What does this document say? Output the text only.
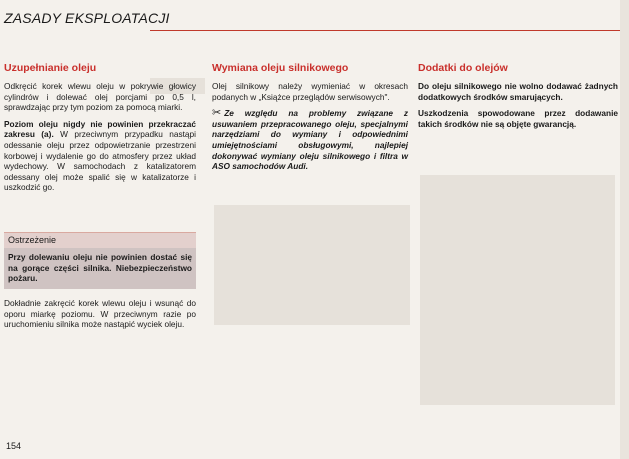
ZASADY EKSPLOATACJI
Uzupełnianie oleju

Odkręcić korek wlewu oleju w pokrywie głowicy cylindrów i dolewać olej porcjami po 0,5 l, sprawdzając przy tym poziom za pomocą miarki.

Poziom oleju nigdy nie powinien przekraczać zakresu (a). W przeciwnym przypadku nastąpi odessanie oleju przez odpowietrzanie przestrzeni korbowej i wydalenie go do atmosfery przez układ wydechowy. W samochodach z katalizatorem odessany olej może spalić się w katalizatorze i uszkodzić go.

Ostrzeżenie
Przy dolewaniu oleju nie powinien dostać się na gorące części silnika. Niebezpieczeństwo pożaru.

Dokładnie zakręcić korek wlewu oleju i wsunąć do oporu miarkę poziomu. W przeciwnym razie po uruchomieniu silnika może nastąpić wyciek oleju.

Wymiana oleju silnikowego

Olej silnikowy należy wymieniać w okresach podanych w „Książce przeglądów serwisowych".

✂ Ze względu na problemy związane z usuwaniem przepracowanego oleju, specjalnymi narzędziami do wymiany i odpowiednimi umiejętnościami obsługowymi, najlepiej dokonywać wymiany oleju silnikowego i filtra w ASO samochodów Audi.

Dodatki do olejów

Do oleju silnikowego nie wolno dodawać żadnych dodatkowych środków smarujących.

Uszkodzenia spowodowane przez dodawanie takich środków nie są objęte gwarancją.

154
